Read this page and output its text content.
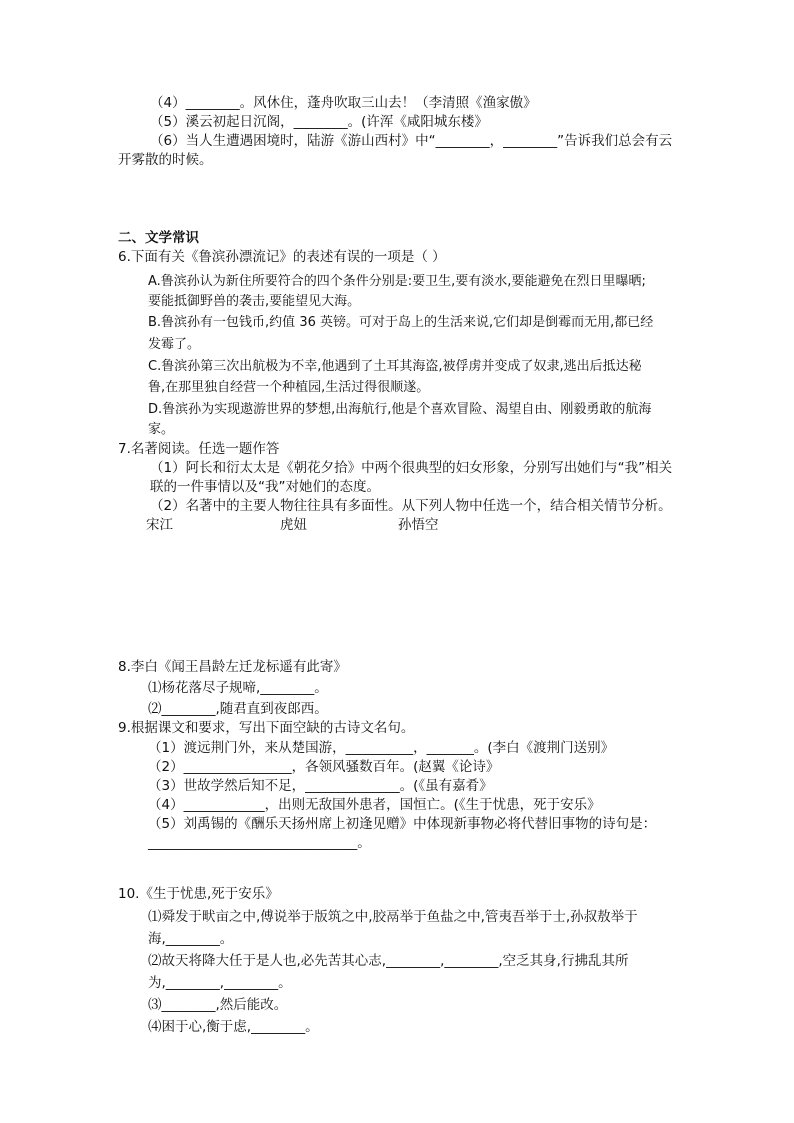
（4）________。风休住，蓬舟吹取三山去！（李清照《渔家傲》
（5）溪云初起日沉阁，________。(许浑《咸阳城东楼》
（6）当人生遭遇困境时，陆游《游山西村》中“________，________”告诉我们总会有云
开雾散的时候。
二、文学常识
6.下面有关《鲁滨孙漂流记》的表述有误的一项是（ ）
A.鲁滨孙认为新住所要符合的四个条件分别是:要卫生,要有淡水,要能避免在烈日里曝晒;
要能抵御野兽的袭击,要能望见大海。
B.鲁滨孙有一包钱币,约值 36 英镑。可对于岛上的生活来说,它们却是倒霉而无用,都已经
发霉了。
C.鲁滨孙第三次出航极为不幸,他遇到了土耳其海盗,被俘虏并变成了奴隶,逃出后抵达秘
鲁,在那里独自经营一个种植园,生活过得很顺遂。
D.鲁滨孙为实现遨游世界的梦想,出海航行,他是个喜欢冒险、渴望自由、刚毅勇敢的航海
家。
7.名著阅读。任选一题作答
（1）阿长和衍太太是《朝花夕拾》中两个很典型的妇女形象，分别写出她们与“我”相关
联的一件事情以及“我”对她们的态度。
（2）名著中的主要人物往往具有多面性。从下列人物中任选一个，结合相关情节分析。
宋江	虎妞	孙悟空
8.李白《闻王昌龄左迁龙标遥有此寄》
⑴杨花落尽子规啼,________。
⑵________,随君直到夜郎西。
9.根据课文和要求，写出下面空缺的古诗文名句。
（1）渡远荆门外，来从楚国游，__________，_______。(李白《渡荆门送别》
（2）________________，各领风骚数百年。(赵翼《论诗》
（3）世故学然后知不足，______________。(《虽有嘉肴》
（4）____________，出则无敌国外患者，国恒亡。(《生于忧患，死于安乐》
（5）刘禹锡的《酬乐天扬州席上初逢见赠》中体现新事物必将代替旧事物的诗句是：
_______________________________。
10.《生于忧患,死于安乐》
⑴舜发于畎亩之中,傅说举于版筑之中,胶鬲举于鱼盐之中,管夷吾举于士,孙叔敖举于
海,________。
⑵故天将降大任于是人也,必先苦其心志,________,________,空乏其身,行拂乱其所
为,________,________。
⑶________,然后能改。
⑷困于心,衡于虑,________。
